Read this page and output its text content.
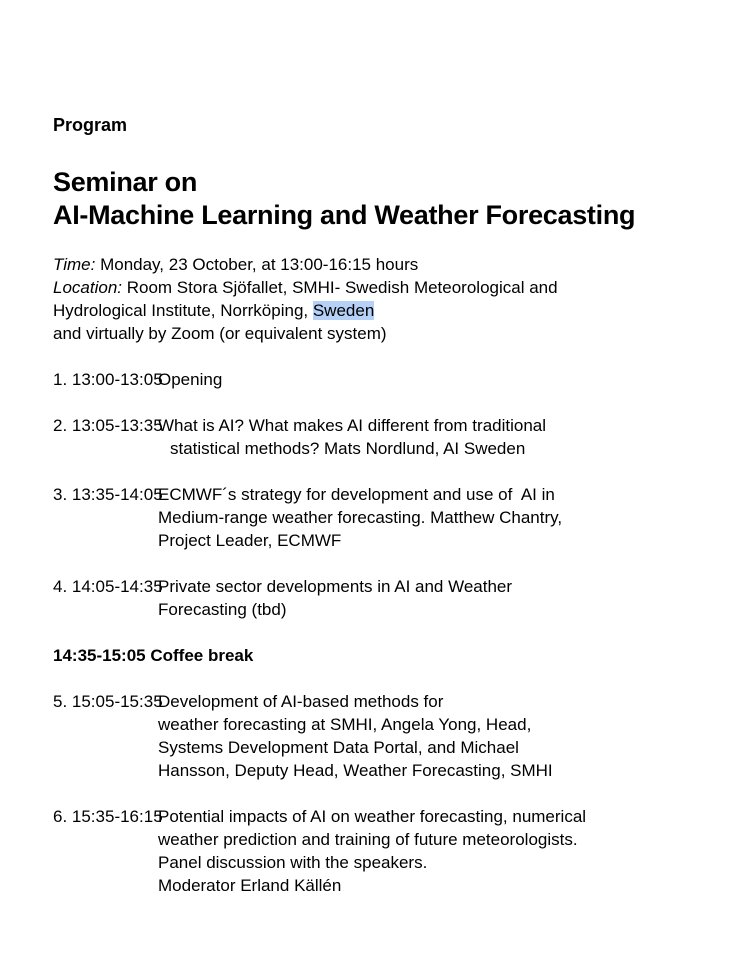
Program
Seminar on
AI-Machine Learning and Weather Forecasting
Time: Monday, 23 October, at 13:00-16:15 hours
Location: Room Stora Sjöfallet, SMHI- Swedish Meteorological and
Hydrological Institute, Norrköping, Sweden
and virtually by Zoom (or equivalent system)
1. 13:00-13:05
Opening
2. 13:05-13:35
What is AI? What makes AI different from traditional
statistical methods? Mats Nordlund, AI Sweden
3. 13:35-14:05
ECMWF´s strategy for development and use of  AI in
Medium-range weather forecasting. Matthew Chantry,
Project Leader, ECMWF
4. 14:05-14:35
Private sector developments in AI and Weather
Forecasting (tbd)
14:35-15:05 Coffee break
5. 15:05-15:35
Development of AI-based methods for
weather forecasting at SMHI, Angela Yong, Head,
Systems Development Data Portal, and Michael
Hansson, Deputy Head, Weather Forecasting, SMHI
6. 15:35-16:15
Potential impacts of AI on weather forecasting, numerical
weather prediction and training of future meteorologists.
Panel discussion with the speakers.
Moderator Erland Källén
